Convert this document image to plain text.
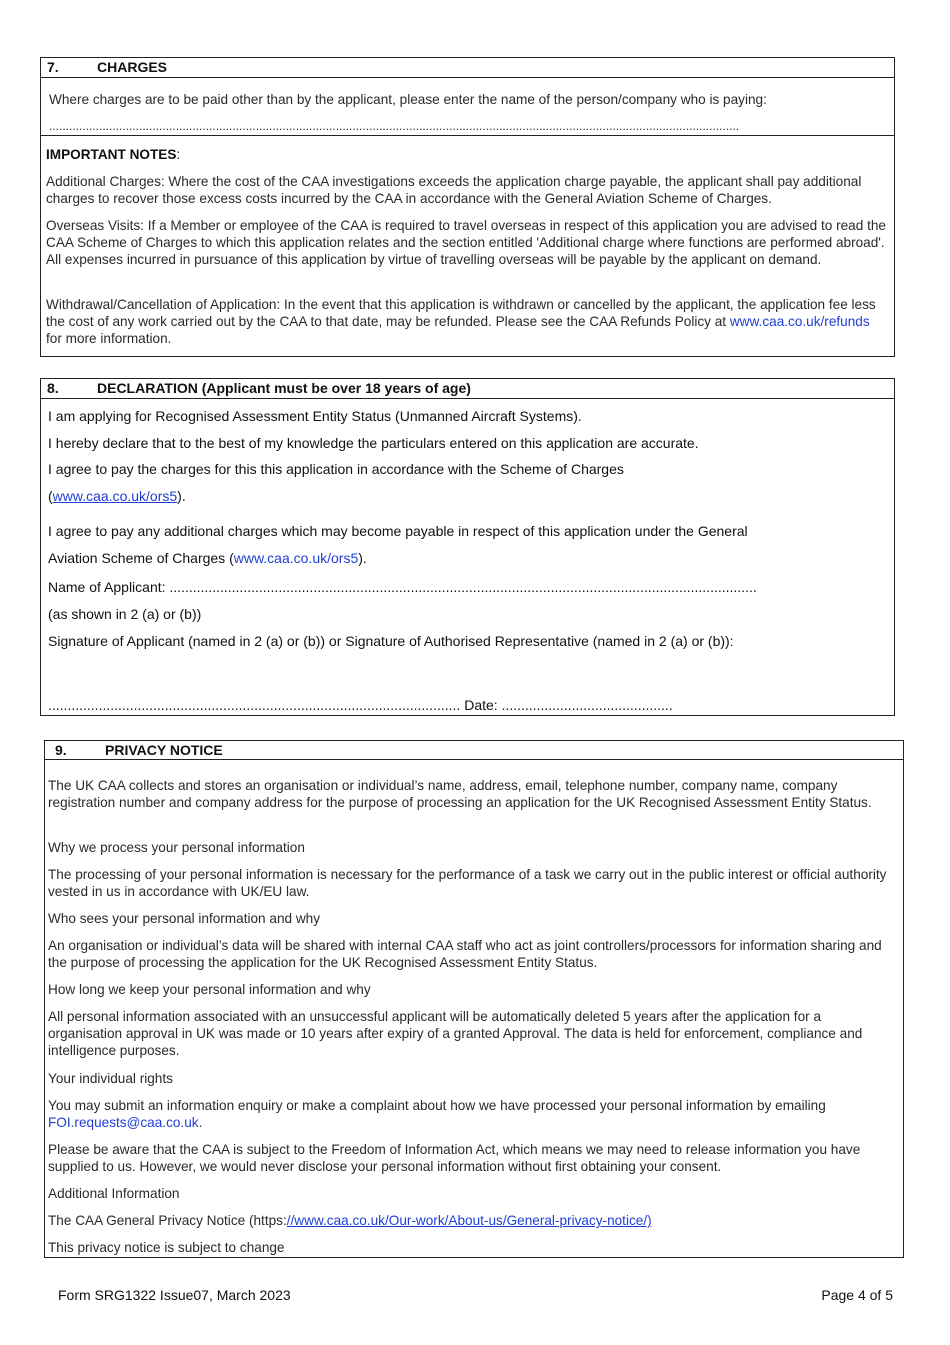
7.	CHARGES

Where charges are to be paid other than by the applicant, please enter the name of the person/company who is paying:

...............................................................................................................................................................................................................

IMPORTANT NOTES:

Additional Charges: Where the cost of the CAA investigations exceeds the application charge payable, the applicant shall pay additional charges to recover those excess costs incurred by the CAA in accordance with the General Aviation Scheme of Charges.

Overseas Visits: If a Member or employee of the CAA is required to travel overseas in respect of this application you are advised to read the CAA Scheme of Charges to which this application relates and the section entitled 'Additional charge where functions are performed abroad'. All expenses incurred in pursuance of this application by virtue of travelling overseas will be payable by the applicant on demand.

Withdrawal/Cancellation of Application: In the event that this application is withdrawn or cancelled by the applicant, the application fee less the cost of any work carried out by the CAA to that date, may be refunded. Please see the CAA Refunds Policy at www.caa.co.uk/refunds for more information.

8.	DECLARATION (Applicant must be over 18 years of age)
I am applying for Recognised Assessment Entity Status (Unmanned Aircraft Systems).
I hereby declare that to the best of my knowledge the particulars entered on this application are accurate.
I agree to pay the charges for this this application in accordance with the Scheme of Charges
(www.caa.co.uk/ors5).
I agree to pay any additional charges which may become payable in respect of this application under the General
Aviation Scheme of Charges (www.caa.co.uk/ors5).
Name of Applicant: .......................................................................................................................................................
(as shown in 2 (a) or (b))
Signature of Applicant (named in 2 (a) or (b)) or Signature of Authorised Representative (named in 2 (a) or (b)):
.......................................................................................................... Date: ............................................
9.	PRIVACY NOTICE

The UK CAA collects and stores an organisation or individual’s name, address, email, telephone number, company name, company registration number and company address for the purpose of processing an application for the UK Recognised Assessment Entity Status.

Why we process your personal information

The processing of your personal information is necessary for the performance of a task we carry out in the public interest or official authority vested in us in accordance with UK/EU law.

Who sees your personal information and why

An organisation or individual’s data will be shared with internal CAA staff who act as joint controllers/processors for information sharing and the purpose of processing the application for the UK Recognised Assessment Entity Status.

How long we keep your personal information and why

All personal information associated with an unsuccessful applicant will be automatically deleted 5 years after the application for a organisation approval in UK was made or 10 years after expiry of a granted Approval. The data is held for enforcement, compliance and intelligence purposes.

Your individual rights

You may submit an information enquiry or make a complaint about how we have processed your personal information by emailing FOI.requests@caa.co.uk.

Please be aware that the CAA is subject to the Freedom of Information Act, which means we may need to release information you have supplied to us. However, we would never disclose your personal information without first obtaining your consent.

Additional Information

The CAA General Privacy Notice (https://www.caa.co.uk/Our-work/About-us/General-privacy-notice/)

This privacy notice is subject to change

Form SRG1322 Issue07, March 2023	Page 4 of 5
